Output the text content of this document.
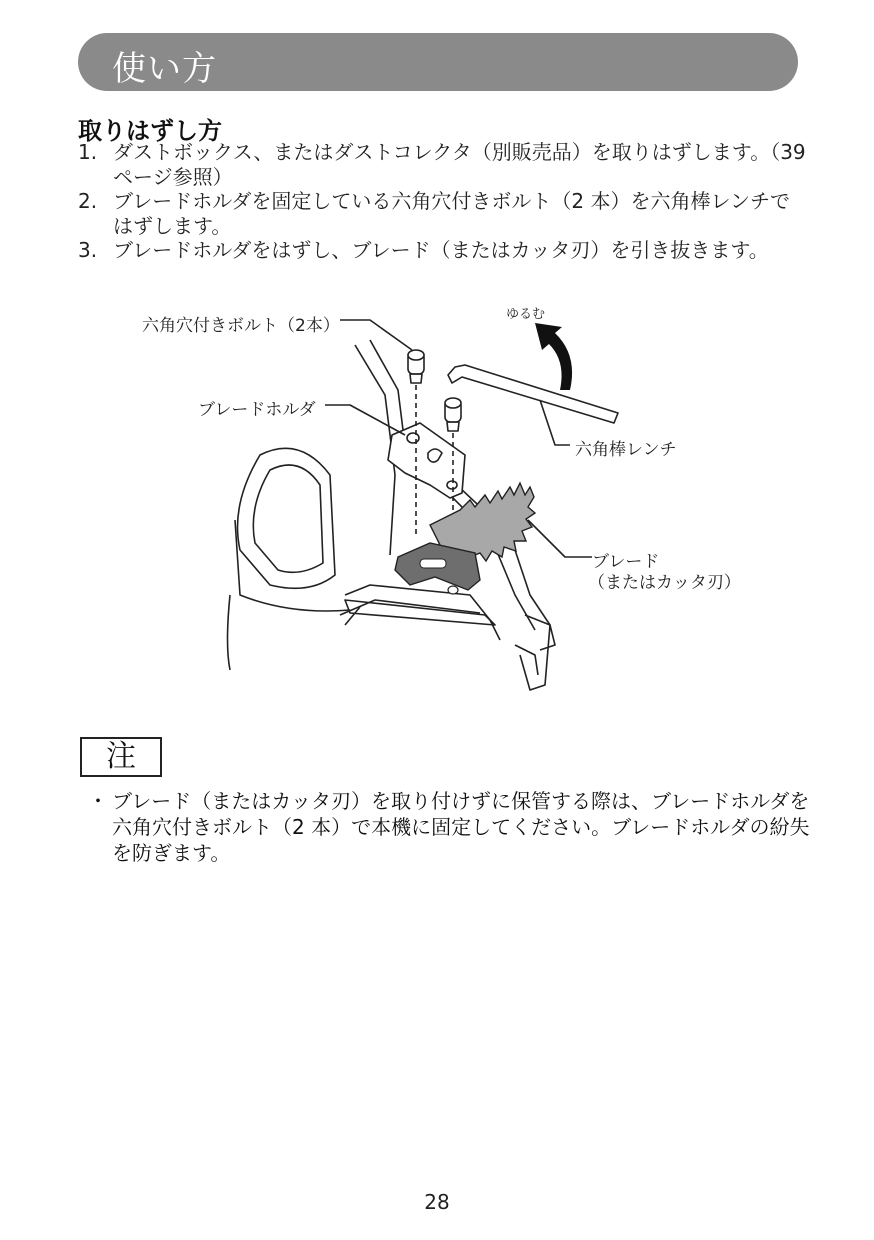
使い方
取りはずし方
1. ダストボックス、またはダストコレクタ（別販売品）を取りはずします。（39 ページ参照）
2. ブレードホルダを固定している六角穴付きボルト（2 本）を六角棒レンチではずします。
3. ブレードホルダをはずし、ブレード（またはカッタ刃）を引き抜きます。
六角穴付きボルト（2本）
ブレードホルダ
ゆるむ
六角棒レンチ
ブレード
（またはカッタ刃）
注
・ ブレード（またはカッタ刃）を取り付けずに保管する際は、ブレードホルダを六角穴付きボルト（2 本）で本機に固定してください。ブレードホルダの紛失を防ぎます。
28
